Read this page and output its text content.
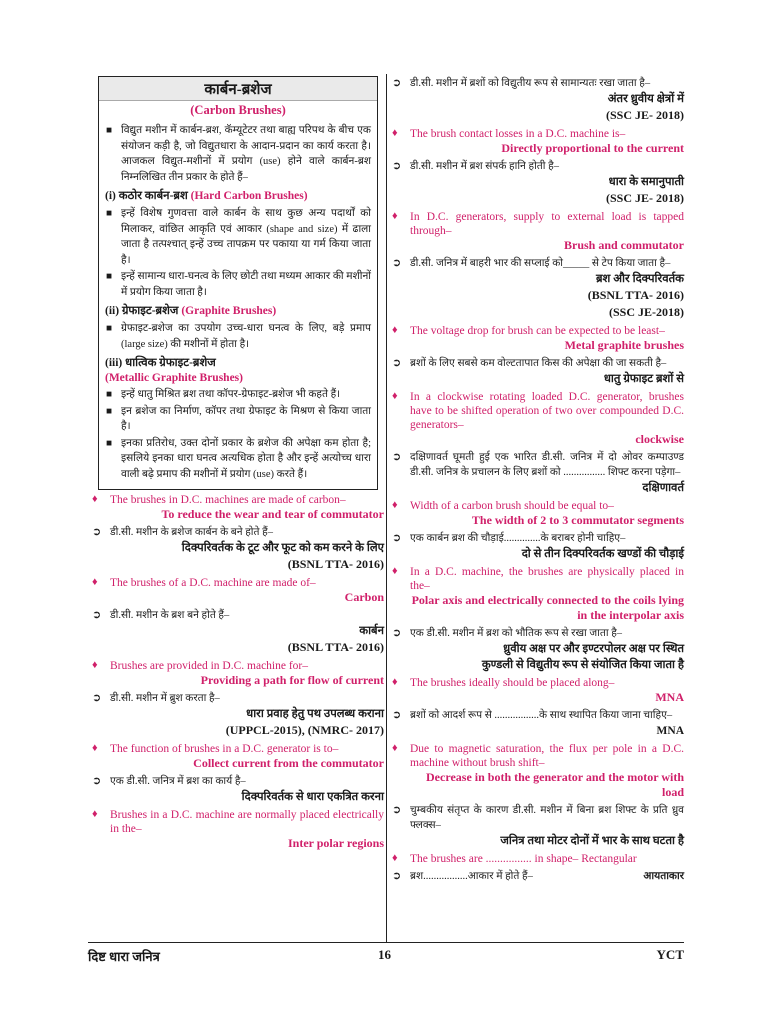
कार्बन-ब्रशेज
(Carbon Brushes)
■ विद्युत मशीन में कार्बन-ब्रश, कॅम्यूटेटर तथा बाह्य परिपथ के बीच एक संयोजन कड़ी है, जो विद्युतधारा के आदान-प्रदान का कार्य करता है। आजकल विद्युत-मशीनों में प्रयोग (use) होने वाले कार्बन-ब्रश निम्नलिखित तीन प्रकार के होते हैं–
(i) कठोर कार्बन-ब्रश (Hard Carbon Brushes)
■ इन्हें विशेष गुणवत्ता वाले कार्बन के साथ कुछ अन्य पदार्थों को मिलाकर, वांछित आकृति एवं आकार (shape and size) में ढाला जाता है तत्पश्चात् इन्हें उच्च तापक्रम पर पकाया या गर्म किया जाता है।
■ इन्हें सामान्य धारा-घनत्व के लिए छोटी तथा मध्यम आकार की मशीनों में प्रयोग किया जाता है।
(ii) ग्रेफाइट-ब्रशेज (Graphite Brushes)
■ ग्रेफाइट-ब्रशेज का उपयोग उच्च-धारा घनत्व के लिए, बड़े प्रमाप (large size) की मशीनों में होता है।
(iii) धात्विक ग्रेफाइट-ब्रशेज
(Metallic Graphite Brushes)
■ इन्हें धातु मिश्रित ब्रश तथा कॉपर-ग्रेफाइट-ब्रशेज भी कहते हैं।
■ इन ब्रशेज का निर्माण, कॉपर तथा ग्रेफाइट के मिश्रण से किया जाता है।
■ इनका प्रतिरोध, उक्त दोनों प्रकार के ब्रशेज की अपेक्षा कम होता है; इसलिये इनका धारा घनत्व अत्यधिक होता है और इन्हें अत्योच्च धारा वाली बढ़े प्रमाप की मशीनों में प्रयोग (use) करते हैं।
♦ The brushes in D.C. machines are made of carbon–
To reduce the wear and tear of commutator
➲ डी.सी. मशीन के ब्रशेज कार्बन के बने होते हैं–
दिक्परिवर्तक के टूट और फूट को कम करने के लिए
(BSNL TTA- 2016)
♦ The brushes of a D.C. machine are made of–
Carbon
➲ डी.सी. मशीन के ब्रश बने होते हैं–
कार्बन
(BSNL TTA- 2016)
♦ Brushes are provided in D.C. machine for–
Providing a path for flow of current
➲ डी.सी. मशीन में ब्रुश करता है–
धारा प्रवाह हेतु पथ उपलब्ध कराना
(UPPCL-2015), (NMRC- 2017)
♦ The function of brushes in a D.C. generator is to–
Collect current from the commutator
➲ एक डी.सी. जनित्र में ब्रश का कार्य है–
दिक्परिवर्तक से धारा एकत्रित करना
♦ Brushes in a D.C. machine are normally placed electrically in the–
Inter polar regions
➲ डी.सी. मशीन में ब्रशों को विद्युतीय रूप से सामान्यतः रखा जाता है–
अंतर ध्रुवीय क्षेत्रों में
(SSC JE- 2018)
♦ The brush contact losses in a D.C. machine is–
Directly proportional to the current
➲ डी.सी. मशीन में ब्रश संपर्क हानि होती है–
धारा के समानुपाती
(SSC JE- 2018)
♦ In D.C. generators, supply to external load is tapped through–
Brush and commutator
➲ डी.सी. जनित्र में बाहरी भार की सप्लाई को_____ से टेप किया जाता है–
ब्रश और दिक्परिवर्तक
(BSNL TTA- 2016)
(SSC JE-2018)
♦ The voltage drop for brush can be expected to be least–
Metal graphite brushes
➲ ब्रशों के लिए सबसे कम वोल्टतापात किस की अपेक्षा की जा सकती है–
धातु ग्रेफाइट ब्रशों से
♦ In a clockwise rotating loaded D.C. generator, brushes have to be shifted operation of two over compounded D.C. generators–
clockwise
➲ दक्षिणावर्त घूमती हुई एक भारित डी.सी. जनित्र में दो ओवर कम्पाउण्ड डी.सी. जनित्र के प्रचालन के लिए ब्रशों को ................ शिफ्ट करना पड़ेगा–
दक्षिणावर्त
♦ Width of a carbon brush should be equal to–
The width of 2 to 3 commutator segments
➲ एक कार्बन ब्रश की चौड़ाई..............के बराबर होनी चाहिए–
दो से तीन दिक्परिवर्तक खण्डों की चौड़ाई
♦ In a D.C. machine, the brushes are physically placed in the–
Polar axis and electrically connected to the coils lying in the interpolar axis
➲ एक डी.सी. मशीन में ब्रश को भौतिक रूप से रखा जाता है–
ध्रुवीय अक्ष पर और इण्टरपोलर अक्ष पर स्थित
कुण्डली से विद्युतीय रूप से संयोजित किया जाता है
♦ The brushes ideally should be placed along–
MNA
➲ ब्रशों को आदर्श रूप से .................के साथ स्थापित किया जाना चाहिए–
MNA
♦ Due to magnetic saturation, the flux per pole in a D.C. machine without brush shift–
Decrease in both the generator and the motor with load
➲ चुम्बकीय संतृप्त के कारण डी.सी. मशीन में बिना ब्रश शिफ्ट के प्रति ध्रुव फ्लक्स–
जनित्र तथा मोटर दोनों में भार के साथ घटता है
♦ The brushes are ................ in shape– Rectangular
➲ ब्रश.................आकार में होते हैं–	आयताकार
दिष्ट धारा जनित्र	16	YCT
